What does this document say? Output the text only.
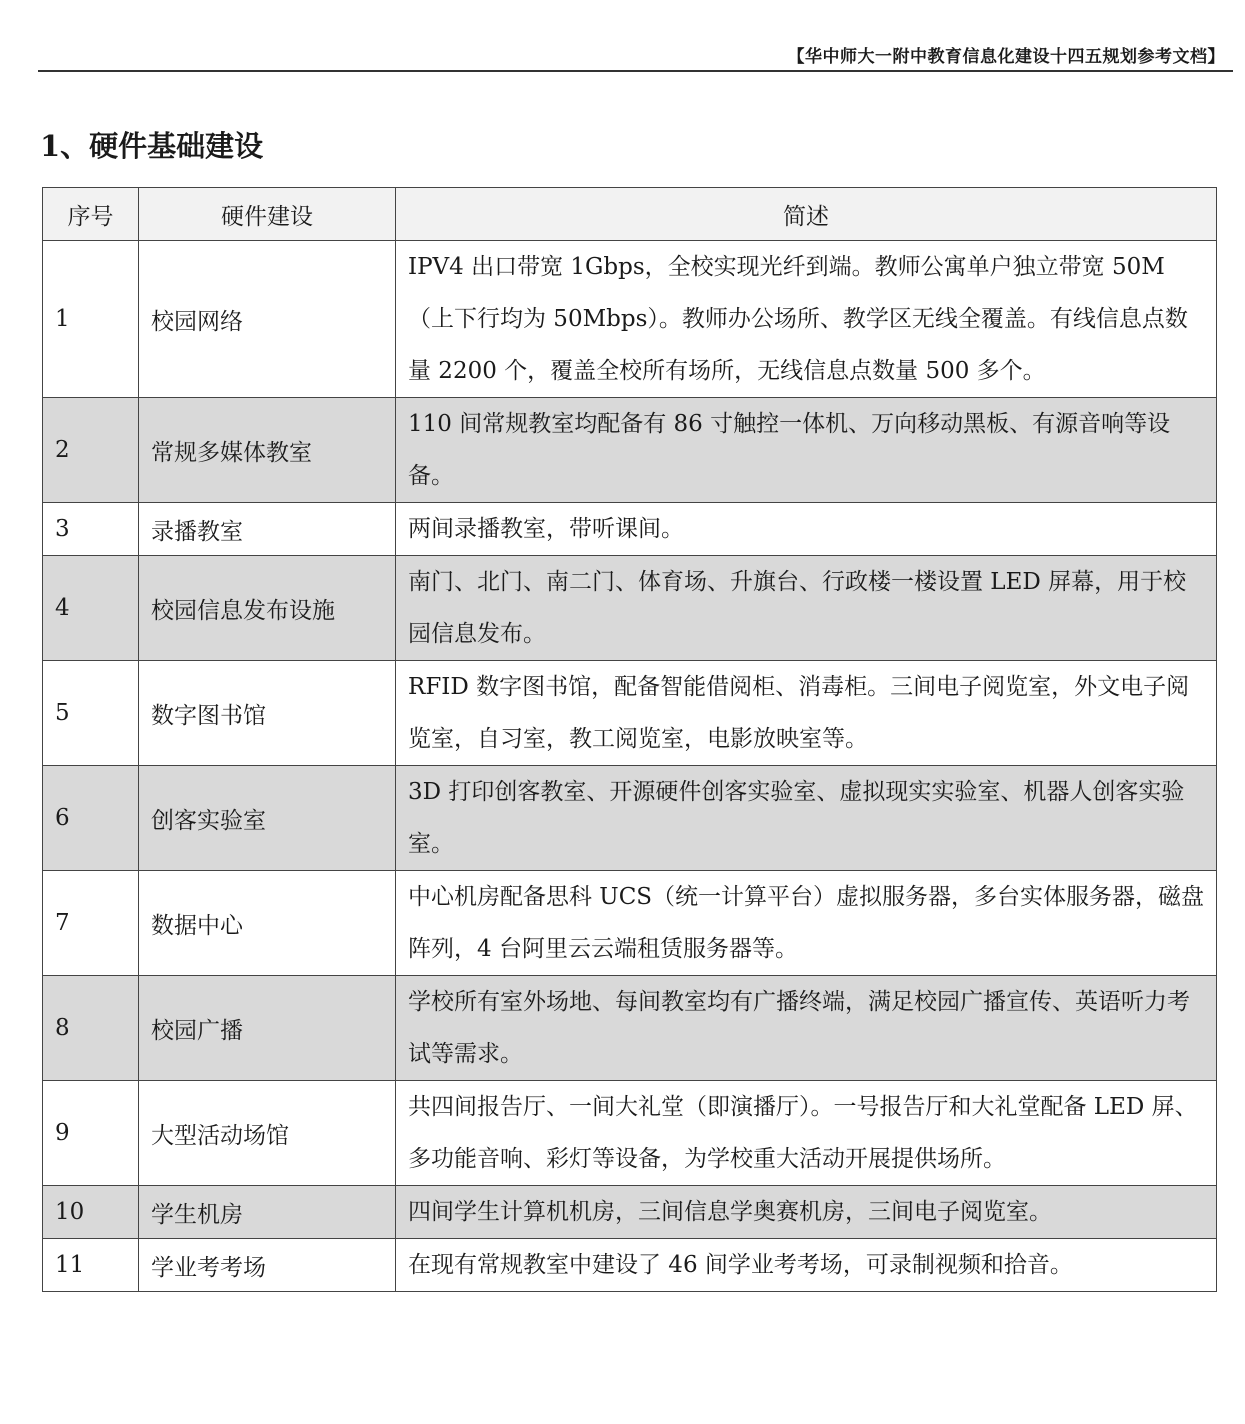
【华中师大一附中教育信息化建设十四五规划参考文档】
1、硬件基础建设
序号	硬件建设	简述
1	校园网络	IPV4 出口带宽 1Gbps，全校实现光纤到端。教师公寓单户独立带宽 50M（上下行均为 50Mbps）。教师办公场所、教学区无线全覆盖。有线信息点数量 2200 个，覆盖全校所有场所，无线信息点数量 500 多个。
2	常规多媒体教室	110 间常规教室均配备有 86 寸触控一体机、万向移动黑板、有源音响等设备。
3	录播教室	两间录播教室，带听课间。
4	校园信息发布设施	南门、北门、南二门、体育场、升旗台、行政楼一楼设置 LED 屏幕，用于校园信息发布。
5	数字图书馆	RFID 数字图书馆，配备智能借阅柜、消毒柜。三间电子阅览室，外文电子阅览室，自习室，教工阅览室，电影放映室等。
6	创客实验室	3D 打印创客教室、开源硬件创客实验室、虚拟现实实验室、机器人创客实验室。
7	数据中心	中心机房配备思科 UCS（统一计算平台）虚拟服务器，多台实体服务器，磁盘阵列，4 台阿里云云端租赁服务器等。
8	校园广播	学校所有室外场地、每间教室均有广播终端，满足校园广播宣传、英语听力考试等需求。
9	大型活动场馆	共四间报告厅、一间大礼堂（即演播厅）。一号报告厅和大礼堂配备 LED 屏、多功能音响、彩灯等设备，为学校重大活动开展提供场所。
10	学生机房	四间学生计算机机房，三间信息学奥赛机房，三间电子阅览室。
11	学业考考场	在现有常规教室中建设了 46 间学业考考场，可录制视频和拾音。
